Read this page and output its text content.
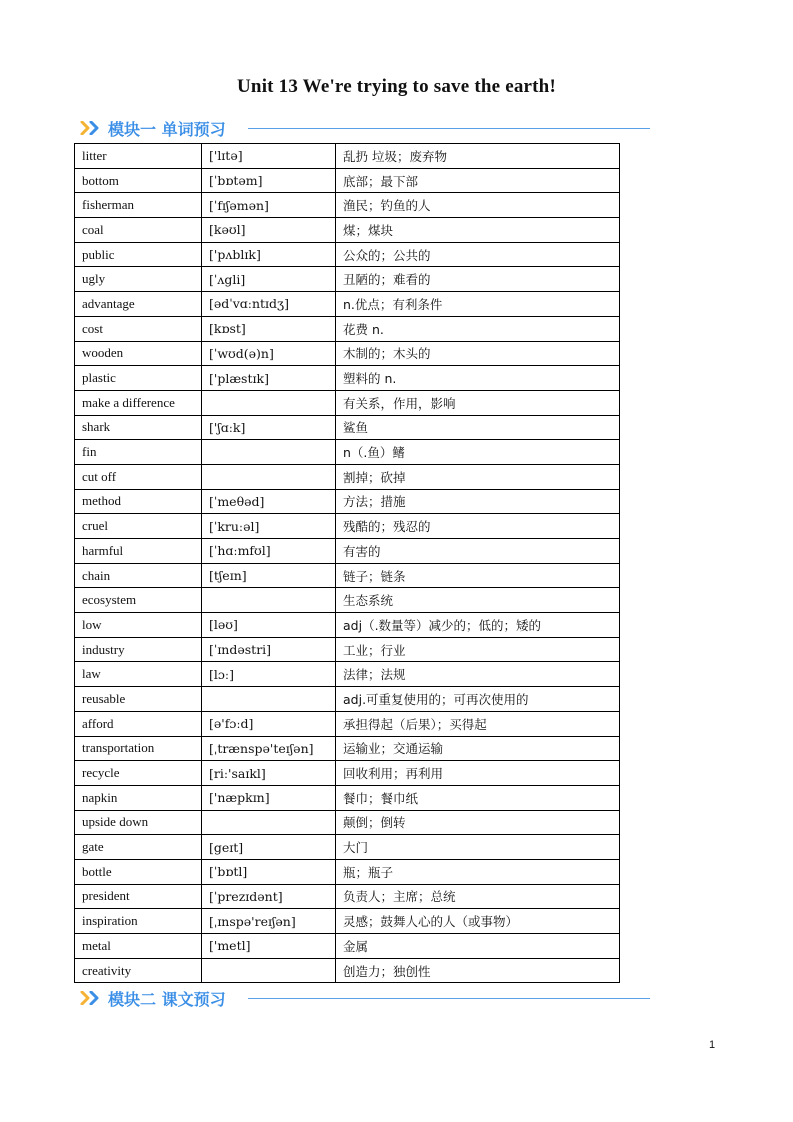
Unit 13 We're trying to save the earth!
模块一 单词预习
litter	['lɪtə]	乱扔 垃圾；废弃物
bottom	[ˈbɒtəm]	底部；最下部
fisherman	[ˈfɪʃəmən]	渔民；钓鱼的人
coal	[kəʊl]	煤；煤块
public	['pʌblɪk]	公众的；公共的
ugly	[ˈʌgli]	丑陋的；难看的
advantage	[ədˈvɑːntɪdʒ]	n.优点；有利条件
cost	[kɒst]	花费 n.
wooden	[ˈwʊd(ə)n]	木制的；木头的
plastic	['plæstɪk]	塑料的 n.
make a difference		有关系，作用，影响
shark	['ʃɑːk]	鲨鱼
fin		n（.鱼）鳍
cut off		割掉；砍掉
method	[ˈmeθəd]	方法；措施
cruel	[ˈkruːəl]	残酷的；残忍的
harmful	[ˈhɑːmfʊl]	有害的
chain	[tʃeɪn]	链子；链条
ecosystem		生态系统
low	[ləʊ]	adj（.数量等）减少的；低的；矮的
industry	[ˈɪndəstri]	工业；行业
law	[lɔː]	法律；法规
reusable		adj.可重复使用的；可再次使用的
afford	[ə'fɔːd]	承担得起（后果）；买得起
transportation	[ˌtrænspə'teɪʃən]	运输业；交通运输
recycle	[riː'saɪkl]	回收利用；再利用
napkin	['næpkɪn]	餐巾；餐巾纸
upside down		颠倒；倒转
gate	[geɪt]	大门
bottle	[ˈbɒtl]	瓶；瓶子
president	[ˈprezɪdənt]	负责人；主席；总统
inspiration	[ˌɪnspə'reɪʃən]	灵感；鼓舞人心的人（或事物）
metal	['metl]	金属
creativity		创造力；独创性
模块二 课文预习
1
